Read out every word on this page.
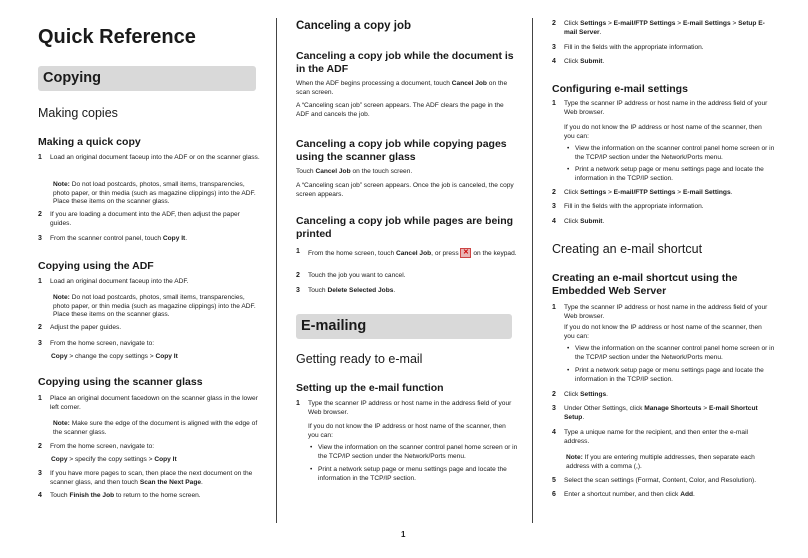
Quick Reference
Copying
Making copies
Making a quick copy
1 Load an original document faceup into the ADF or on the scanner glass.
Note: Do not load postcards, photos, small items, transparencies, photo paper, or thin media (such as magazine clippings) into the ADF. Place these items on the scanner glass.
2 If you are loading a document into the ADF, then adjust the paper guides.
3 From the scanner control panel, touch Copy It.
Copying using the ADF
1 Load an original document faceup into the ADF.
Note: Do not load postcards, photos, small items, transparencies, photo paper, or thin media (such as magazine clippings) into the ADF. Place these items on the scanner glass.
2 Adjust the paper guides.
3 From the home screen, navigate to:
Copy > change the copy settings > Copy It
Copying using the scanner glass
1 Place an original document facedown on the scanner glass in the lower left corner.
Note: Make sure the edge of the document is aligned with the edge of the scanner glass.
2 From the home screen, navigate to:
Copy > specify the copy settings > Copy It
3 If you have more pages to scan, then place the next document on the scanner glass, and then touch Scan the Next Page.
4 Touch Finish the Job to return to the home screen.
Canceling a copy job
Canceling a copy job while the document is in the ADF
When the ADF begins processing a document, touch Cancel Job on the scan screen.
A “Canceling scan job” screen appears. The ADF clears the page in the ADF and cancels the job.
Canceling a copy job while copying pages using the scanner glass
Touch Cancel Job on the touch screen.
A “Canceling scan job” screen appears. Once the job is canceled, the copy screen appears.
Canceling a copy job while pages are being printed
1 From the home screen, touch Cancel Job, or press ✕ on the keypad.
2 Touch the job you want to cancel.
3 Touch Delete Selected Jobs.
E-mailing
Getting ready to e-mail
Setting up the e-mail function
1 Type the scanner IP address or host name in the address field of your Web browser.
If you do not know the IP address or host name of the scanner, then you can:
• View the information on the scanner control panel home screen or in the TCP/IP section under the Network/Ports menu.
• Print a network setup page or menu settings page and locate the information in the TCP/IP section.
2 Click Settings > E-mail/FTP Settings > E-mail Settings > Setup E-mail Server.
3 Fill in the fields with the appropriate information.
4 Click Submit.
Configuring e-mail settings
1 Type the scanner IP address or host name in the address field of your Web browser.
If you do not know the IP address or host name of the scanner, then you can:
• View the information on the scanner control panel home screen or in the TCP/IP section under the Network/Ports menu.
• Print a network setup page or menu settings page and locate the information in the TCP/IP section.
2 Click Settings > E-mail/FTP Settings > E-mail Settings.
3 Fill in the fields with the appropriate information.
4 Click Submit.
Creating an e-mail shortcut
Creating an e-mail shortcut using the Embedded Web Server
1 Type the scanner IP address or host name in the address field of your Web browser.
If you do not know the IP address or host name of the scanner, then you can:
• View the information on the scanner control panel home screen or in the TCP/IP section under the Network/Ports menu.
• Print a network setup page or menu settings page and locate the information in the TCP/IP section.
2 Click Settings.
3 Under Other Settings, click Manage Shortcuts > E-mail Shortcut Setup.
4 Type a unique name for the recipient, and then enter the e-mail address.
Note: If you are entering multiple addresses, then separate each address with a comma (,).
5 Select the scan settings (Format, Content, Color, and Resolution).
6 Enter a shortcut number, and then click Add.
1
